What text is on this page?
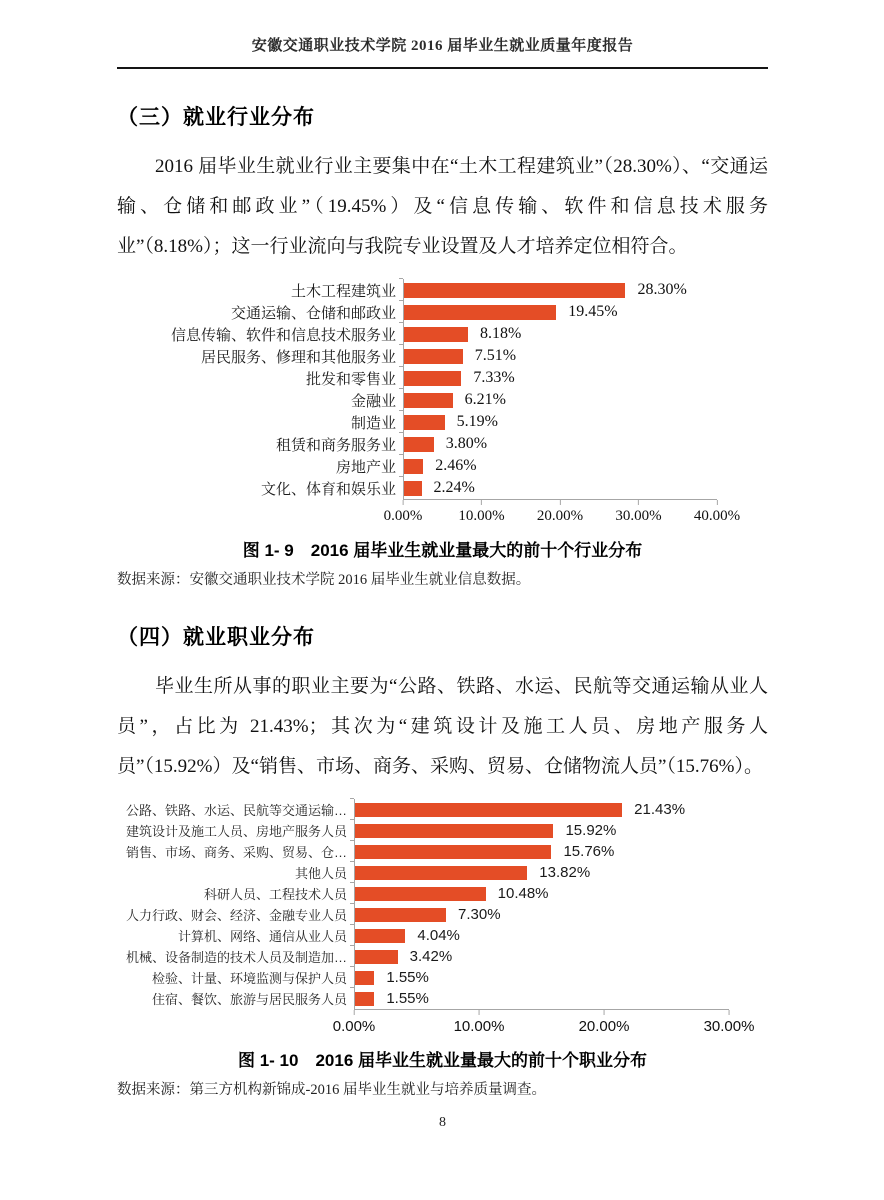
安徽交通职业技术学院 2016 届毕业生就业质量年度报告
（三）就业行业分布

2016 届毕业生就业行业主要集中在“土木工程建筑业”（28.30%）、“交通运输、仓储和邮政业”（19.45%）及“信息传输、软件和信息技术服务业”（8.18%）；这一行业流向与我院专业设置及人才培养定位相符合。

土木工程建筑业	28.30%
交通运输、仓储和邮政业	19.45%
信息传输、软件和信息技术服务业	8.18%
居民服务、修理和其他服务业	7.51%
批发和零售业	7.33%
金融业	6.21%
制造业	5.19%
租赁和商务服务业	3.80%
房地产业	2.46%
文化、体育和娱乐业	2.24%
0.00% 10.00% 20.00% 30.00% 40.00%
图 1- 9　2016 届毕业生就业量最大的前十个行业分布
数据来源：安徽交通职业技术学院 2016 届毕业生就业信息数据。
（四）就业职业分布

毕业生所从事的职业主要为“公路、铁路、水运、民航等交通运输从业人员”，占比为 21.43%；其次为“建筑设计及施工人员、房地产服务人员”（15.92%）及“销售、市场、商务、采购、贸易、仓储物流人员”（15.76%）。

公路、铁路、水运、民航等交通运输…	21.43%
建筑设计及施工人员、房地产服务人员	15.92%
销售、市场、商务、采购、贸易、仓…	15.76%
其他人员	13.82%
科研人员、工程技术人员	10.48%
人力行政、财会、经济、金融专业人员	7.30%
计算机、网络、通信从业人员	4.04%
机械、设备制造的技术人员及制造加…	3.42%
检验、计量、环境监测与保护人员	1.55%
住宿、餐饮、旅游与居民服务人员	1.55%
0.00%	10.00%	20.00%	30.00%
图 1- 10　2016 届毕业生就业量最大的前十个职业分布
数据来源：第三方机构新锦成-2016 届毕业生就业与培养质量调查。
8
